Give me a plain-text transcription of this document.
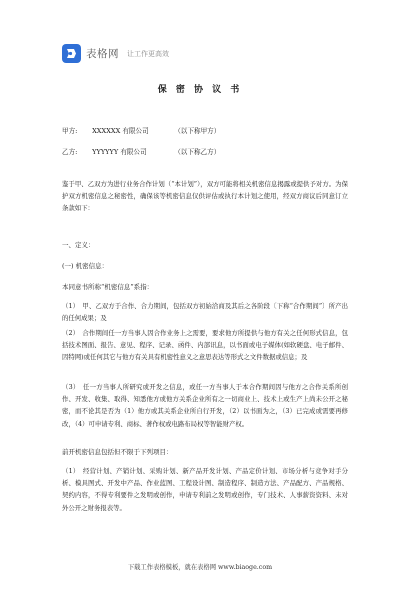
表格网 让工作更高效
保 密 协 议 书
甲方: XXXXXX 有限公司	（以下称甲方）
乙方: YYYYYY 有限公司	（以下称乙方）
鉴于甲、乙双方为进行业务合作计划（“本计划”），双方可能将相关机密信息揭露或提供予对方。为保护双方机密信息之秘密性，确保该等机密信息仅供评估或执行本计划之使用，经双方商议后同意订立条款如下：
一、定义：
(一) 机密信息：
本同意书所称“机密信息”系指：
（1）　甲、乙双方于合作、合力期间，包括双方初始洽商及其后之各阶段〔下称“合作期间”〕所产出的任何成果；及
（2）　合作期间任一方当事人因合作业务上之需要，要求他方所提供与他方有关之任何形式信息，包括技术图面、报告、意见、程序、记录、函件、内部讯息，以书面或电子媒体(如软硬盘、电子邮件、因特网)或任何其它与他方有关具有机密性意义之意思表达等形式之文件数据或信息；及
（3）　任一方当事人所研究或开发之信息，或任一方当事人于本合作期间因与他方之合作关系所创作、开发、收集、取得、知悉他方或他方关系企业所有之一切商业上、技术上或生产上尚未公开之秘密，而不论其是否为（1）他方或其关系企业所自行开发，（2）以书面为之，（3）已完成或需要再修改，（4）可申请专利、商标、著作权或电路布局权等智能财产权。
前开机密信息包括但不限于下列项目：
（1）　经营计划、产销计划、采购计划、新产品开发计划、产品定价计划、市场分析与竞争对手分析、模具图式、开发中产品、作业蓝图、工程设计图、制造程序、制造方法、产品配方、产品规格、契约内容，不得专利要件之发明或创作，申请专利前之发明或创作，专门技术、人事薪资资料、未对外公开之财务报表等。
下载工作表格模板，就在表格网 www.biaoge.com
